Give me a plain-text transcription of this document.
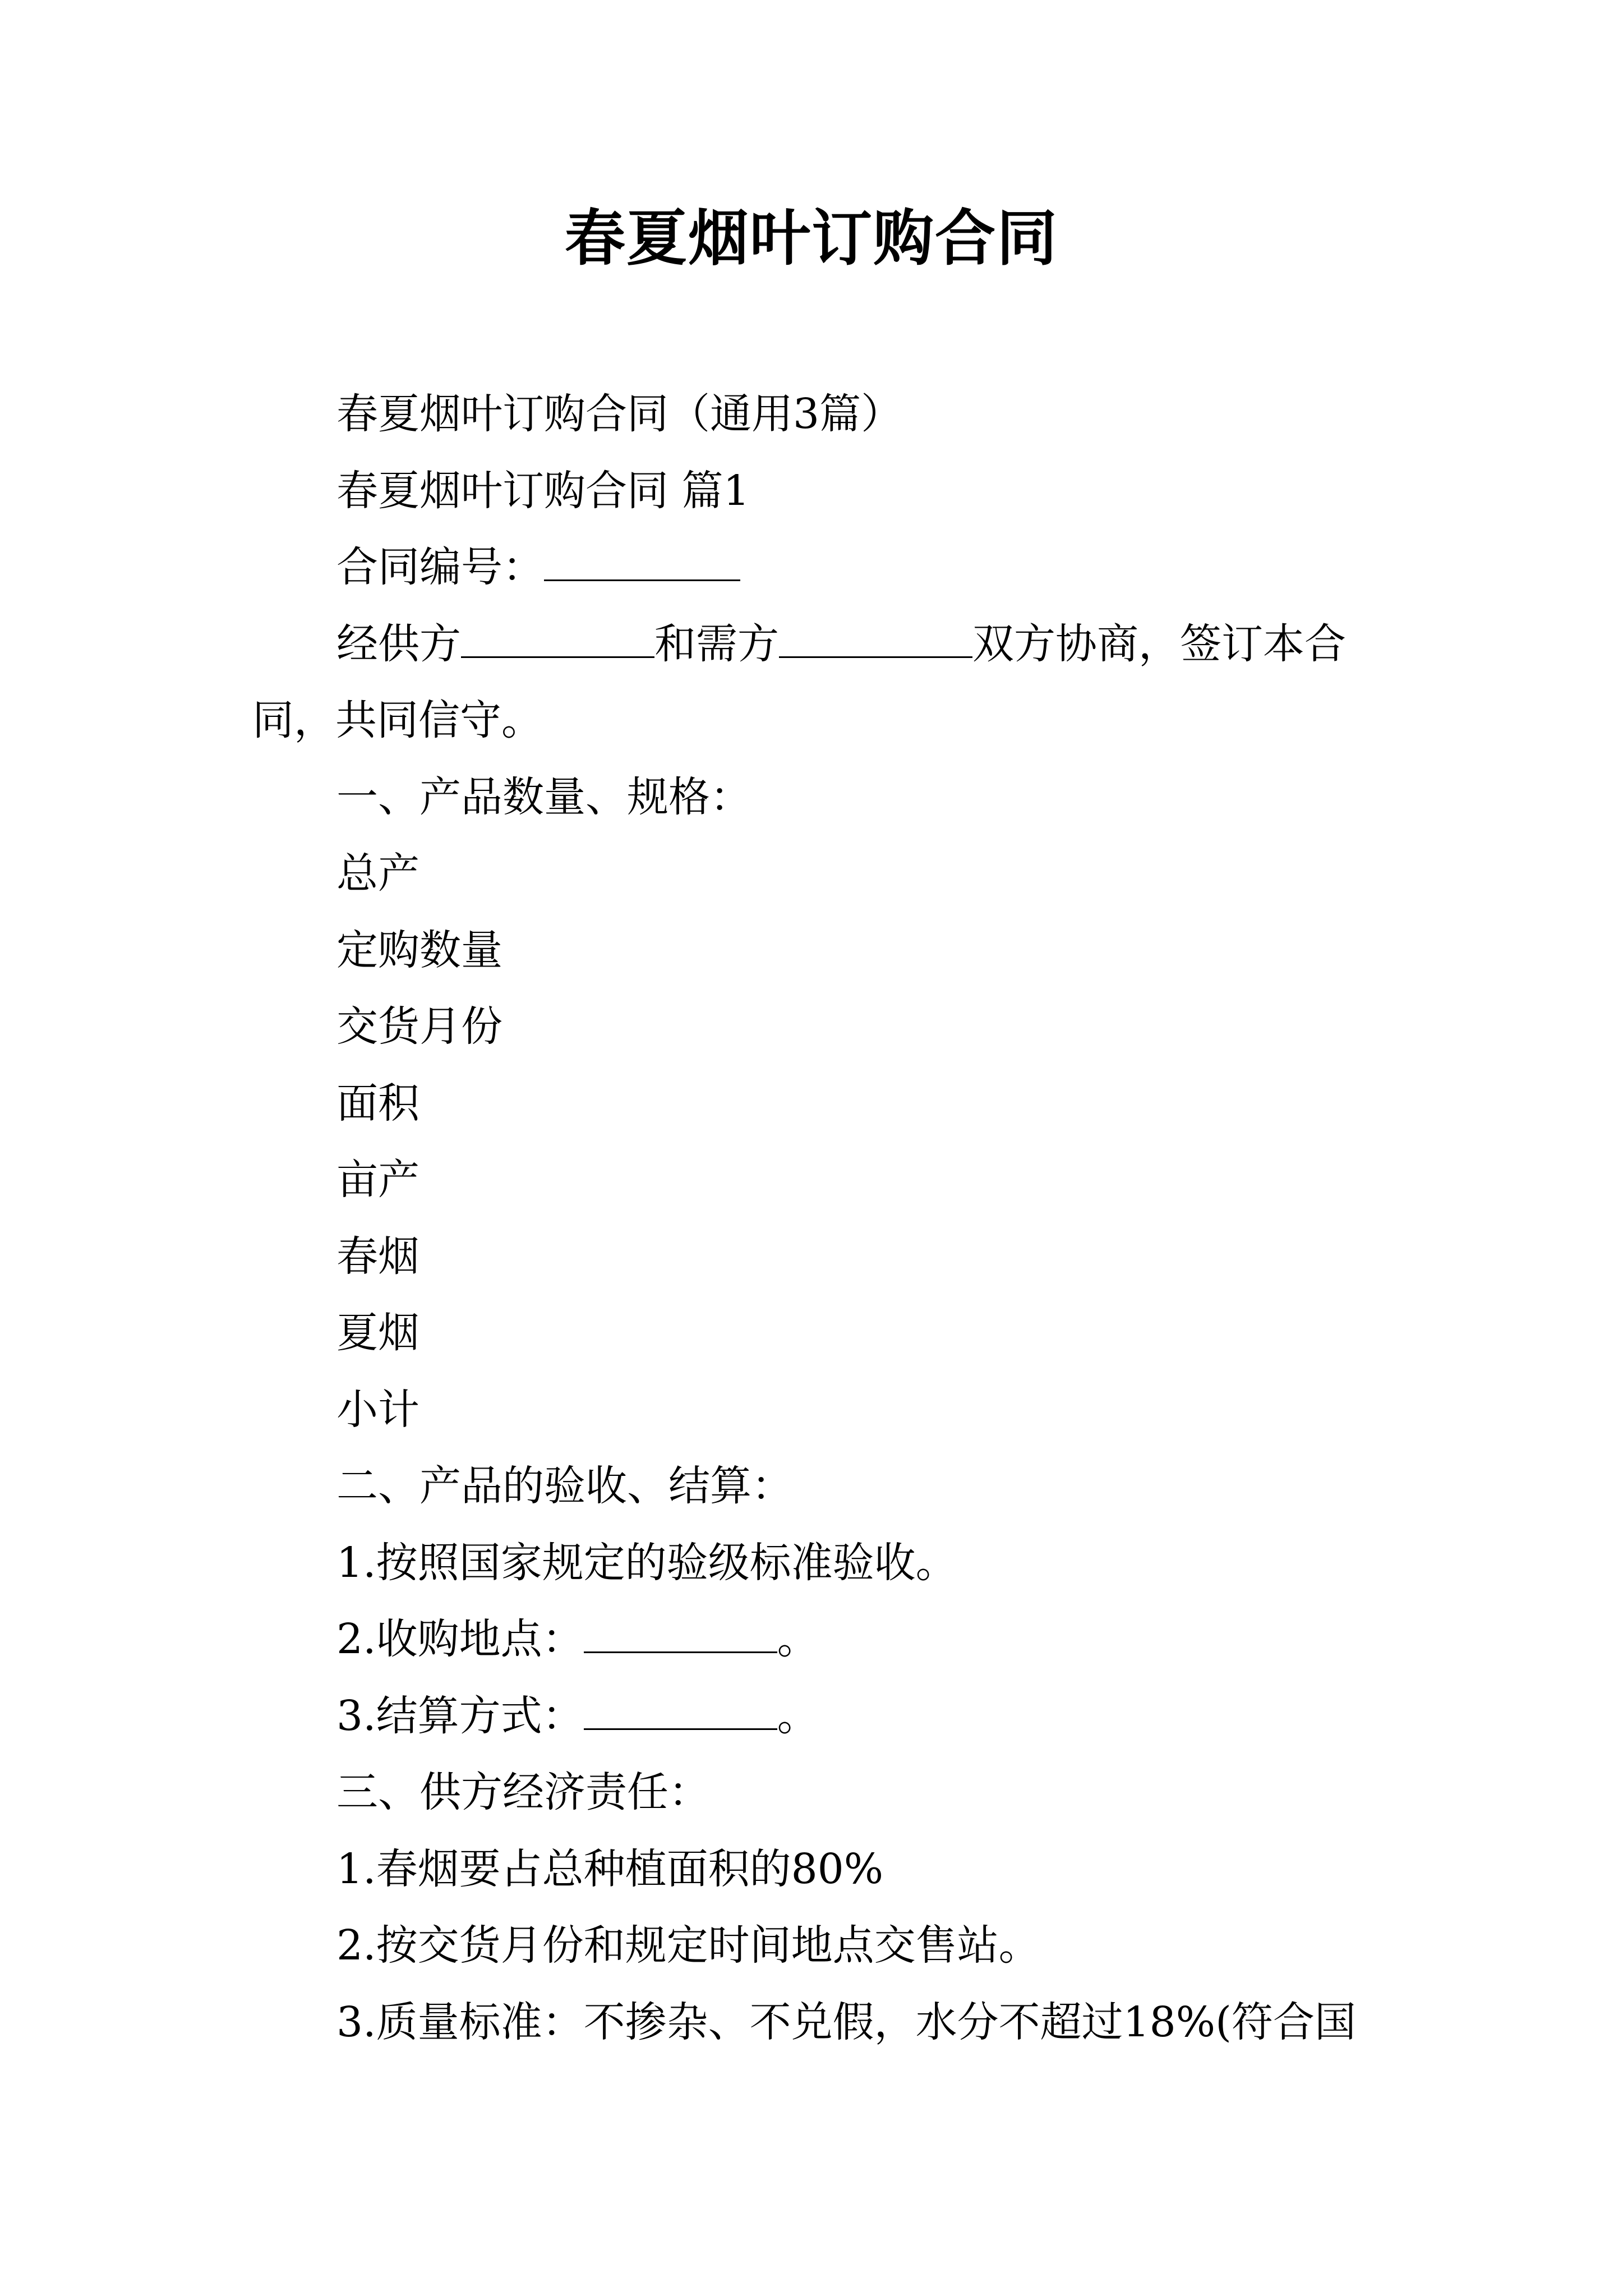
春夏烟叶订购合同
春夏烟叶订购合同（通用3篇）
春夏烟叶订购合同 篇1
合同编号：
经供方	和需方	双方协商，签订本合
同，共同信守。
一、产品数量、规格：
总产
定购数量
交货月份
面积
亩产
春烟
夏烟
小计
二、产品的验收、结算：
1.按照国家规定的验级标准验收。
2.收购地点：	。
3.结算方式：	。
三、供方经济责任：
1.春烟要占总种植面积的80%
2.按交货月份和规定时间地点交售站。
3.质量标准：不掺杂、不兑假，水分不超过18%(符合国
